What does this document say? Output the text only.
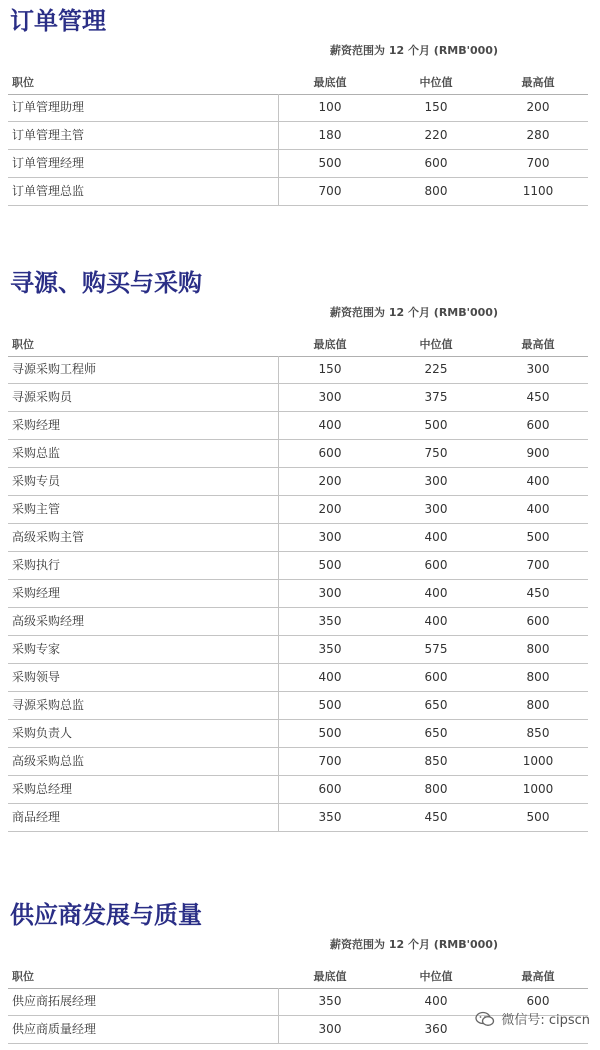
订单管理
薪资范围为 12 个月 (RMB'000)
职位	最底值	中位值	最高值
订单管理助理	100	150	200
订单管理主管	180	220	280
订单管理经理	500	600	700
订单管理总监	700	800	1100
寻源、购买与采购
薪资范围为 12 个月 (RMB'000)
职位	最底值	中位值	最高值
寻源采购工程师	150	225	300
寻源采购员	300	375	450
采购经理	400	500	600
采购总监	600	750	900
采购专员	200	300	400
采购主管	200	300	400
高级采购主管	300	400	500
采购执行	500	600	700
采购经理	300	400	450
高级采购经理	350	400	600
采购专家	350	575	800
采购领导	400	600	800
寻源采购总监	500	650	800
采购负责人	500	650	850
高级采购总监	700	850	1000
采购总经理	600	800	1000
商品经理	350	450	500
供应商发展与质量
薪资范围为 12 个月 (RMB'000)
职位	最底值	中位值	最高值
供应商拓展经理	350	400	600
供应商质量经理	300	360
微信号: cipscn
